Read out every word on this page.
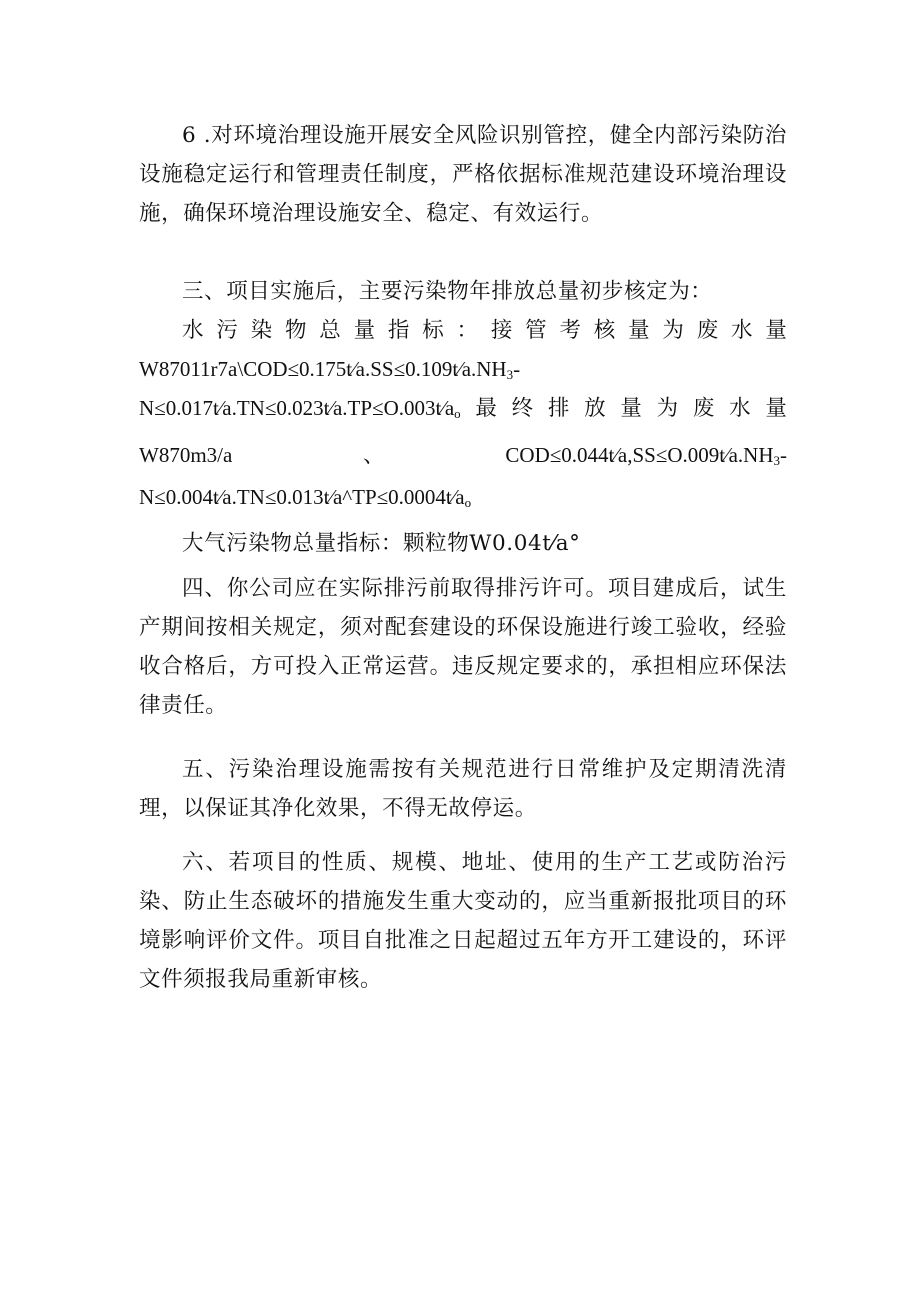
6 .对环境治理设施开展安全风险识别管控，健全内部污染防治设施稳定运行和管理责任制度，严格依据标准规范建设环境治理设施，确保环境治理设施安全、稳定、有效运行。

三、项目实施后，主要污染物年排放总量初步核定为：

水 污 染 物 总 量 指 标 ： 接 管 考 核 量 为 废 水 量
$W87011r7a\backslash COD\le 0.175t⁄a.SS\le 0.109t⁄a.NH_3-$
$N\le 0.017t⁄a.TN\le 0.023t⁄a.TP\le O.003t⁄a_o$ 最 终 排 放 量 为 废 水 量
W870m3/a	、	$COD\le 0.044t⁄a,SS\le O.009t⁄a.NH_3-$
$N\le 0.004t⁄a.TN\le 0.013t⁄a\^{}TP\le 0.0004t⁄a_o$

大气污染物总量指标：颗粒物W0.04t⁄a°

四、你公司应在实际排污前取得排污许可。项目建成后，试生产期间按相关规定，须对配套建设的环保设施进行竣工验收，经验收合格后，方可投入正常运营。违反规定要求的，承担相应环保法律责任。

五、污染治理设施需按有关规范进行日常维护及定期清洗清理，以保证其净化效果，不得无故停运。

六、若项目的性质、规模、地址、使用的生产工艺或防治污染、防止生态破坏的措施发生重大变动的，应当重新报批项目的环境影响评价文件。项目自批准之日起超过五年方开工建设的，环评文件须报我局重新审核。
